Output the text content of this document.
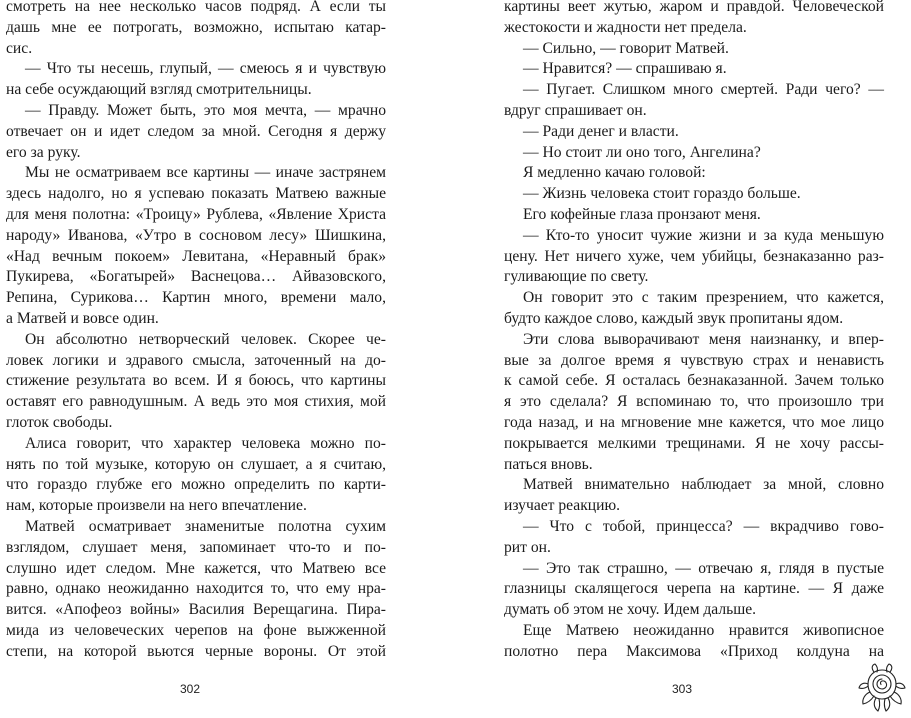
смотреть на нее несколько часов подряд. А если ты
дашь мне ее потрогать, возможно, испытаю катар-
сис.
— Что ты несешь, глупый, — смеюсь я и чувствую
на себе осуждающий взгляд смотрительницы.
— Правду. Может быть, это моя мечта, — мрачно
отвечает он и идет следом за мной. Сегодня я держу
его за руку.
Мы не осматриваем все картины — иначе застрянем
здесь надолго, но я успеваю показать Матвею важные
для меня полотна: «Троицу» Рублева, «Явление Христа
народу» Иванова, «Утро в сосновом лесу» Шишкина,
«Над вечным покоем» Левитана, «Неравный брак»
Пукирева, «Богатырей» Васнецова… Айвазовского,
Репина, Сурикова… Картин много, времени мало,
а Матвей и вовсе один.
Он абсолютно нетворческий человек. Скорее че-
ловек логики и здравого смысла, заточенный на до-
стижение результата во всем. И я боюсь, что картины
оставят его равнодушным. А ведь это моя стихия, мой
глоток свободы.
Алиса говорит, что характер человека можно по-
нять по той музыке, которую он слушает, а я считаю,
что гораздо глубже его можно определить по карти-
нам, которые произвели на него впечатление.
Матвей осматривает знаменитые полотна сухим
взглядом, слушает меня, запоминает что-то и по-
слушно идет следом. Мне кажется, что Матвею все
равно, однако неожиданно находится то, что ему нра-
вится. «Апофеоз войны» Василия Верещагина. Пира-
мида из человеческих черепов на фоне выжженной
степи, на которой вьются черные вороны. От этой
302
картины веет жутью, жаром и правдой. Человеческой
жестокости и жадности нет предела.
— Сильно, — говорит Матвей.
— Нравится? — спрашиваю я.
— Пугает. Слишком много смертей. Ради чего? —
вдруг спрашивает он.
— Ради денег и власти.
— Но стоит ли оно того, Ангелина?
Я медленно качаю головой:
— Жизнь человека стоит гораздо больше.
Его кофейные глаза пронзают меня.
— Кто-то уносит чужие жизни и за куда меньшую
цену. Нет ничего хуже, чем убийцы, безнаказанно раз-
гуливающие по свету.
Он говорит это с таким презрением, что кажется,
будто каждое слово, каждый звук пропитаны ядом.
Эти слова выворачивают меня наизнанку, и впер-
вые за долгое время я чувствую страх и ненависть
к самой себе. Я осталась безнаказанной. Зачем только
я это сделала? Я вспоминаю то, что произошло три
года назад, и на мгновение мне кажется, что мое лицо
покрывается мелкими трещинами. Я не хочу рассы-
паться вновь.
Матвей внимательно наблюдает за мной, словно
изучает реакцию.
— Что с тобой, принцесса? — вкрадчиво гово-
рит он.
— Это так страшно, — отвечаю я, глядя в пустые
глазницы скалящегося черепа на картине. — Я даже
думать об этом не хочу. Идем дальше.
Еще Матвею неожиданно нравится живописное
полотно пера Максимова «Приход колдуна на
303
